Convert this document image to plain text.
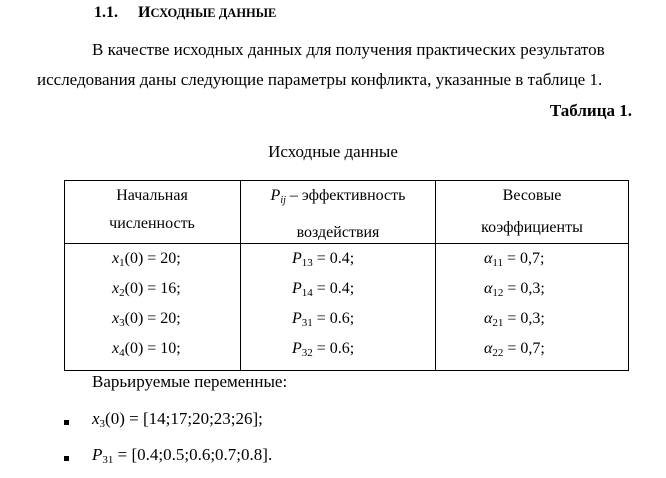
1.1. ИСХОДНЫЕ ДАННЫЕ
В качестве исходных данных для получения практических результатов
исследования даны следующие параметры конфликта, указанные в таблице 1.
Таблица 1.
Исходные данные
Начальная
численность
$P_{ij}$ – эффективность
воздействия
Весовые
коэффициенты
x1(0) = 20;
x2(0) = 16;
x3(0) = 20;
x4(0) = 10;
P13 = 0.4;
P14 = 0.4;
P31 = 0.6;
P32 = 0.6;
α11 = 0,7;
α12 = 0,3;
α21 = 0,3;
α22 = 0,7;
Варьируемые переменные:
x3(0) = [14;17;20;23;26];
P31 = [0.4;0.5;0.6;0.7;0.8].
